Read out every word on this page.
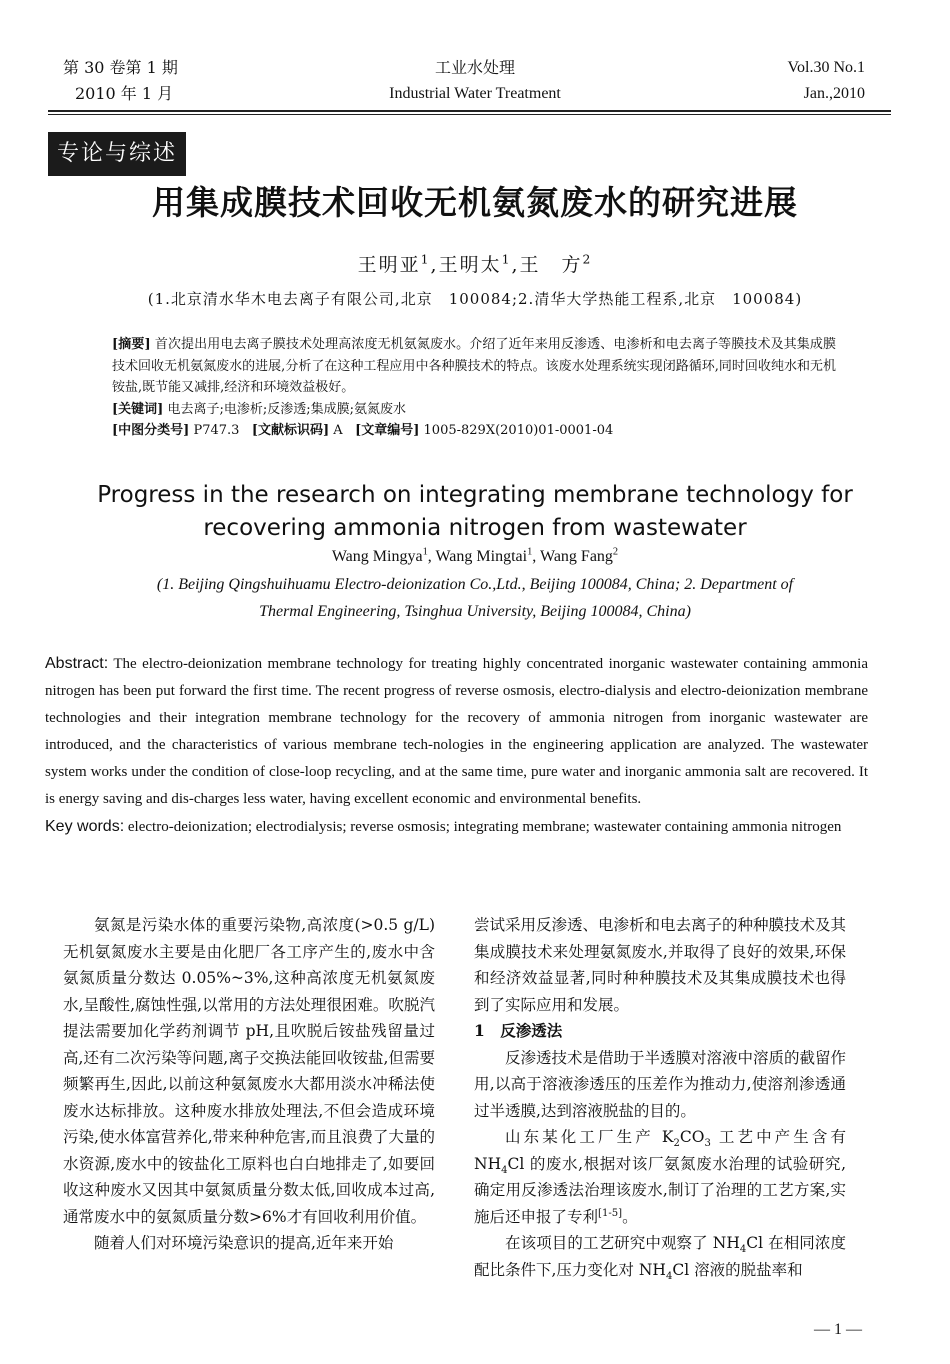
第 30 卷第 1 期
2010 年 1 月
工业水处理
Industrial Water Treatment
Vol.30 No.1
Jan.,2010
专论与综述
用集成膜技术回收无机氨氮废水的研究进展
王明亚$^1$,王明太$^1$,王　方$^2$
(1.北京清水华木电去离子有限公司,北京　100084;2.清华大学热能工程系,北京　100084)

[摘要] 首次提出用电去离子膜技术处理高浓度无机氨氮废水。介绍了近年来用反渗透、电渗析和电去离子等膜技术及其集成膜技术回收无机氨氮废水的进展,分析了在这种工程应用中各种膜技术的特点。该废水处理系统实现闭路循环,同时回收纯水和无机铵盐,既节能又减排,经济和环境效益极好。

[关键词] 电去离子;电渗析;反渗透;集成膜;氨氮废水

[中图分类号] P747.3 [文献标识码] A [文章编号] 1005-829X(2010)01-0001-04

Progress in the research on integrating membrane technology for recovering ammonia nitrogen from wastewater
Wang Mingya$^1$, Wang Mingtai$^1$, Wang Fang$^2$
(1. Beijing Qingshuihuamu Electro-deionization Co.,Ltd., Beijing 100084, China; 2. Department of
Thermal Engineering, Tsinghua University, Beijing 100084, China)

Abstract: The electro-deionization membrane technology for treating highly concentrated inorganic wastewater containing ammonia nitrogen has been put forward the first time. The recent progress of reverse osmosis, electro-dialysis and electro-deionization membrane technologies and their integration membrane technology for the recovery of ammonia nitrogen from inorganic wastewater are introduced, and the characteristics of various membrane tech-nologies in the engineering application are analyzed. The wastewater system works under the condition of close-loop recycling, and at the same time, pure water and inorganic ammonia salt are recovered. It is energy saving and dis-charges less water, having excellent economic and environmental benefits.

Key words: electro-deionization; electrodialysis; reverse osmosis; integrating membrane; wastewater containing ammonia nitrogen

氨氮是污染水体的重要污染物,高浓度(>0.5 g/L)无机氨氮废水主要是由化肥厂各工序产生的,废水中含氨氮质量分数达 0.05%~3%,这种高浓度无机氨氮废水,呈酸性,腐蚀性强,以常用的方法处理很困难。吹脱汽提法需要加化学药剂调节 pH,且吹脱后铵盐残留量过高,还有二次污染等问题,离子交换法能回收铵盐,但需要频繁再生,因此,以前这种氨氮废水大都用淡水冲稀法使废水达标排放。这种废水排放处理法,不但会造成环境污染,使水体富营养化,带来种种危害,而且浪费了大量的水资源,废水中的铵盐化工原料也白白地排走了,如要回收这种废水又因其中氨氮质量分数太低,回收成本过高,通常废水中的氨氮质量分数>6%才有回收利用价值。

随着人们对环境污染意识的提高,近年来开始

尝试采用反渗透、电渗析和电去离子的种种膜技术及其集成膜技术来处理氨氮废水,并取得了良好的效果,环保和经济效益显著,同时种种膜技术及其集成膜技术也得到了实际应用和发展。

1　反渗透法

反渗透技术是借助于半透膜对溶液中溶质的截留作用,以高于溶液渗透压的压差作为推动力,使溶剂渗透通过半透膜,达到溶液脱盐的目的。

山东某化工厂生产 $K_2CO_3$ 工艺中产生含有 $NH_4Cl$ 的废水,根据对该厂氨氮废水治理的试验研究,确定用反渗透法治理该废水,制订了治理的工艺方案,实施后还申报了专利[1-5]。

在该项目的工艺研究中观察了 $NH_4Cl$ 在相同浓度配比条件下,压力变化对 $NH_4Cl$ 溶液的脱盐率和

— 1 —
